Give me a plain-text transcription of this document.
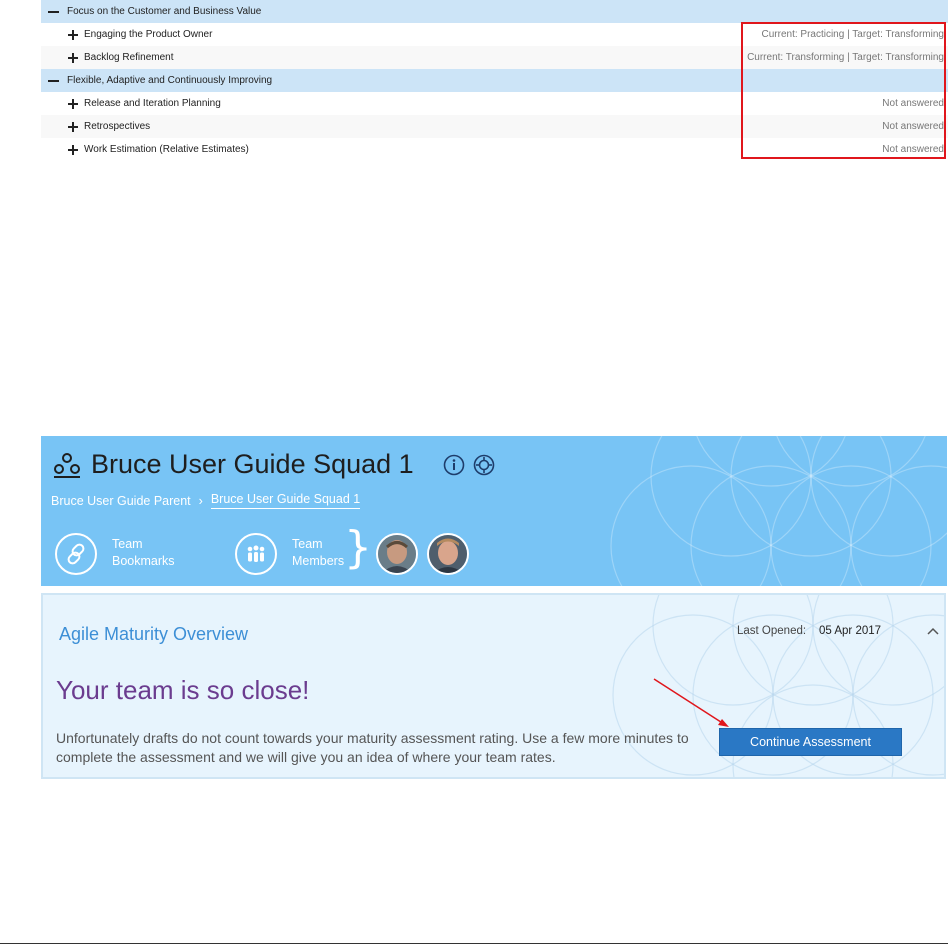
Focus on the Customer and Business Value
Engaging the Product Owner	Current: Practicing | Target: Transforming
Backlog Refinement	Current: Transforming | Target: Transforming
Flexible, Adaptive and Continuously Improving
Release and Iteration Planning	Not answered
Retrospectives	Not answered
Work Estimation (Relative Estimates)	Not answered
Bruce User Guide Squad 1
Bruce User Guide Parent › Bruce User Guide Squad 1
Team
Bookmarks
Team
Members }
Agile Maturity Overview	Last Opened: 05 Apr 2017
Your team is so close!
Unfortunately drafts do not count towards your maturity assessment rating. Use a few more minutes to complete the assessment and we will give you an idea of where your team rates.
Continue Assessment
